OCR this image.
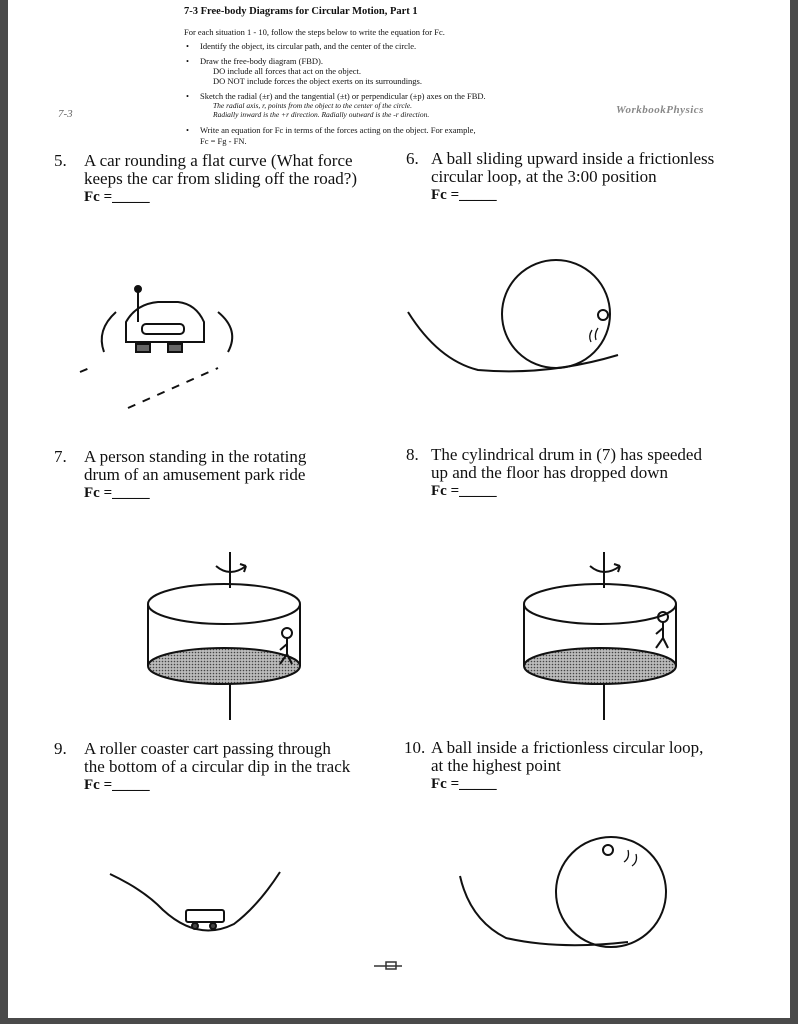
7-3 Free-body Diagrams for Circular Motion, Part 1
For each situation 1 - 10, follow the steps below to write the equation for Fc.
• Identify the object, its circular path, and the center of the circle.
• Draw the free-body diagram (FBD).
DO include all forces that act on the object.
DO NOT include forces the object exerts on its surroundings.
• Sketch the radial (±r) and the tangential (±t) or perpendicular (±p) axes on the FBD.
The radial axis, r, points from the object to the center of the circle.
Radially inward is the +r direction. Radially outward is the -r direction.
• Write an equation for Fc in terms of the forces acting on the object. For example,
Fc = Fg - FN.
7-3	WorkbookPhysics
5. A car rounding a flat curve (What force
keeps the car from sliding off the road?)
Fc =_____
6. A ball sliding upward inside a frictionless
circular loop, at the 3:00 position
Fc =_____
7. A person standing in the rotating
drum of an amusement park ride
Fc =_____
8. The cylindrical drum in (7) has speeded
up and the floor has dropped down
Fc =_____
9. A roller coaster cart passing through
the bottom of a circular dip in the track
Fc =_____
10. A ball inside a frictionless circular loop,
at the highest point
Fc =_____
